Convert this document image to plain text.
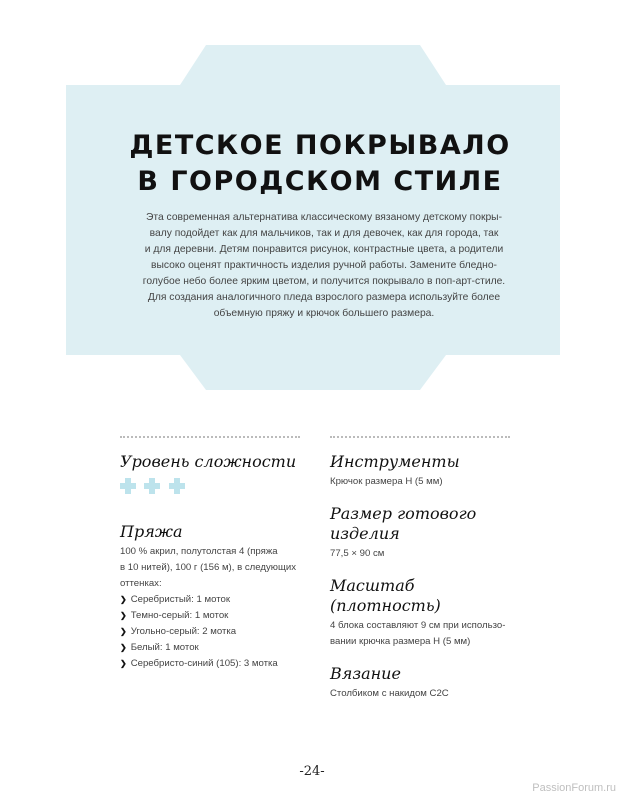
ДЕТСКОЕ ПОКРЫВАЛО
В ГОРОДСКОМ СТИЛЕ
Эта современная альтернатива классическому вязаному детскому покры-
валу подойдет как для мальчиков, так и для девочек, как для города, так
и для деревни. Детям понравится рисунок, контрастные цвета, а родители
высоко оценят практичность изделия ручной работы. Замените бледно-
голубое небо более ярким цветом, и получится покрывало в поп-арт-стиле.
Для создания аналогичного пледа взрослого размера используйте более
объемную пряжу и крючок большего размера.

Уровень сложности

Пряжа

100 % акрил, полутолстая 4 (пряжа

в 10 нитей), 100 г (156 м), в следующих

оттенках:

❯ Серебристый: 1 моток

❯ Темно-серый: 1 моток

❯ Угольно-серый: 2 мотка

❯ Белый: 1 моток

❯ Серебристо-синий (105): 3 мотка

Инструменты

Крючок размера Н (5 мм)

Размер готового изделия

77,5 × 90 см

Масштаб (плотность)

4 блока составляют 9 см при использо-

вании крючка размера Н (5 мм)

Вязание

Столбиком с накидом С2С

-24-
PassionForum.ru
